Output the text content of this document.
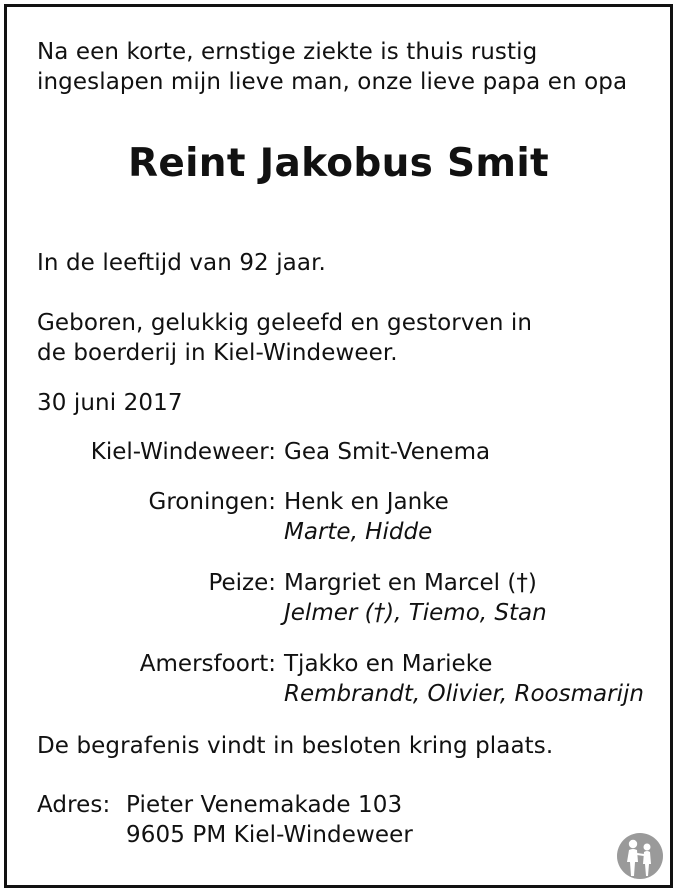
Na een korte, ernstige ziekte is thuis rustig
ingeslapen mijn lieve man, onze lieve papa en opa
Reint Jakobus Smit
In de leeftijd van 92 jaar.
Geboren, gelukkig geleefd en gestorven in
de boerderij in Kiel-Windeweer.
30 juni 2017
Kiel-Windeweer: Gea Smit-Venema
Groningen: Henk en Janke
Marte, Hidde
Peize: Margriet en Marcel (†)
Jelmer (†), Tiemo, Stan
Amersfoort: Tjakko en Marieke
Rembrandt, Olivier, Roosmarijn
De begrafenis vindt in besloten kring plaats.
Adres: Pieter Venemakade 103
9605 PM Kiel-Windeweer
